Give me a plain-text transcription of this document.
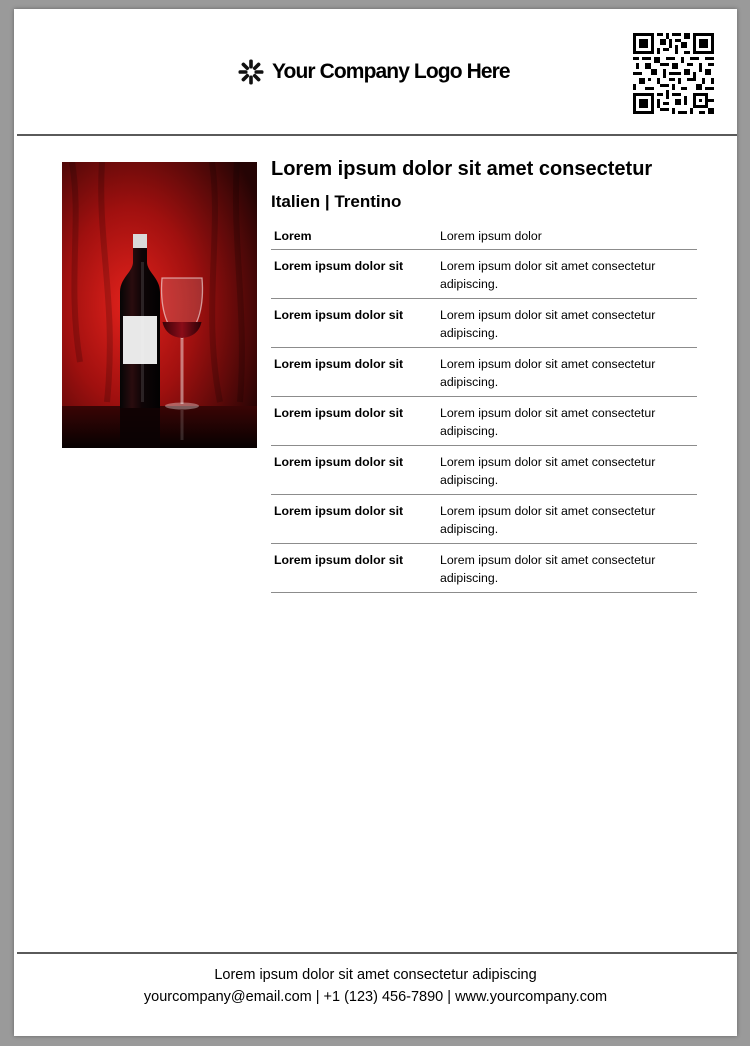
Your Company Logo Here
Lorem ipsum dolor sit amet consectetur
Italien | Trentino
Lorem	Lorem ipsum dolor
Lorem ipsum dolor sit	Lorem ipsum dolor sit amet consectetur adipiscing.
Lorem ipsum dolor sit	Lorem ipsum dolor sit amet consectetur adipiscing.
Lorem ipsum dolor sit	Lorem ipsum dolor sit amet consectetur adipiscing.
Lorem ipsum dolor sit	Lorem ipsum dolor sit amet consectetur adipiscing.
Lorem ipsum dolor sit	Lorem ipsum dolor sit amet consectetur adipiscing.
Lorem ipsum dolor sit	Lorem ipsum dolor sit amet consectetur adipiscing.
Lorem ipsum dolor sit	Lorem ipsum dolor sit amet consectetur adipiscing.
Lorem ipsum dolor sit amet consectetur adipiscing
yourcompany@email.com | +1 (123) 456-7890 | www.yourcompany.com
